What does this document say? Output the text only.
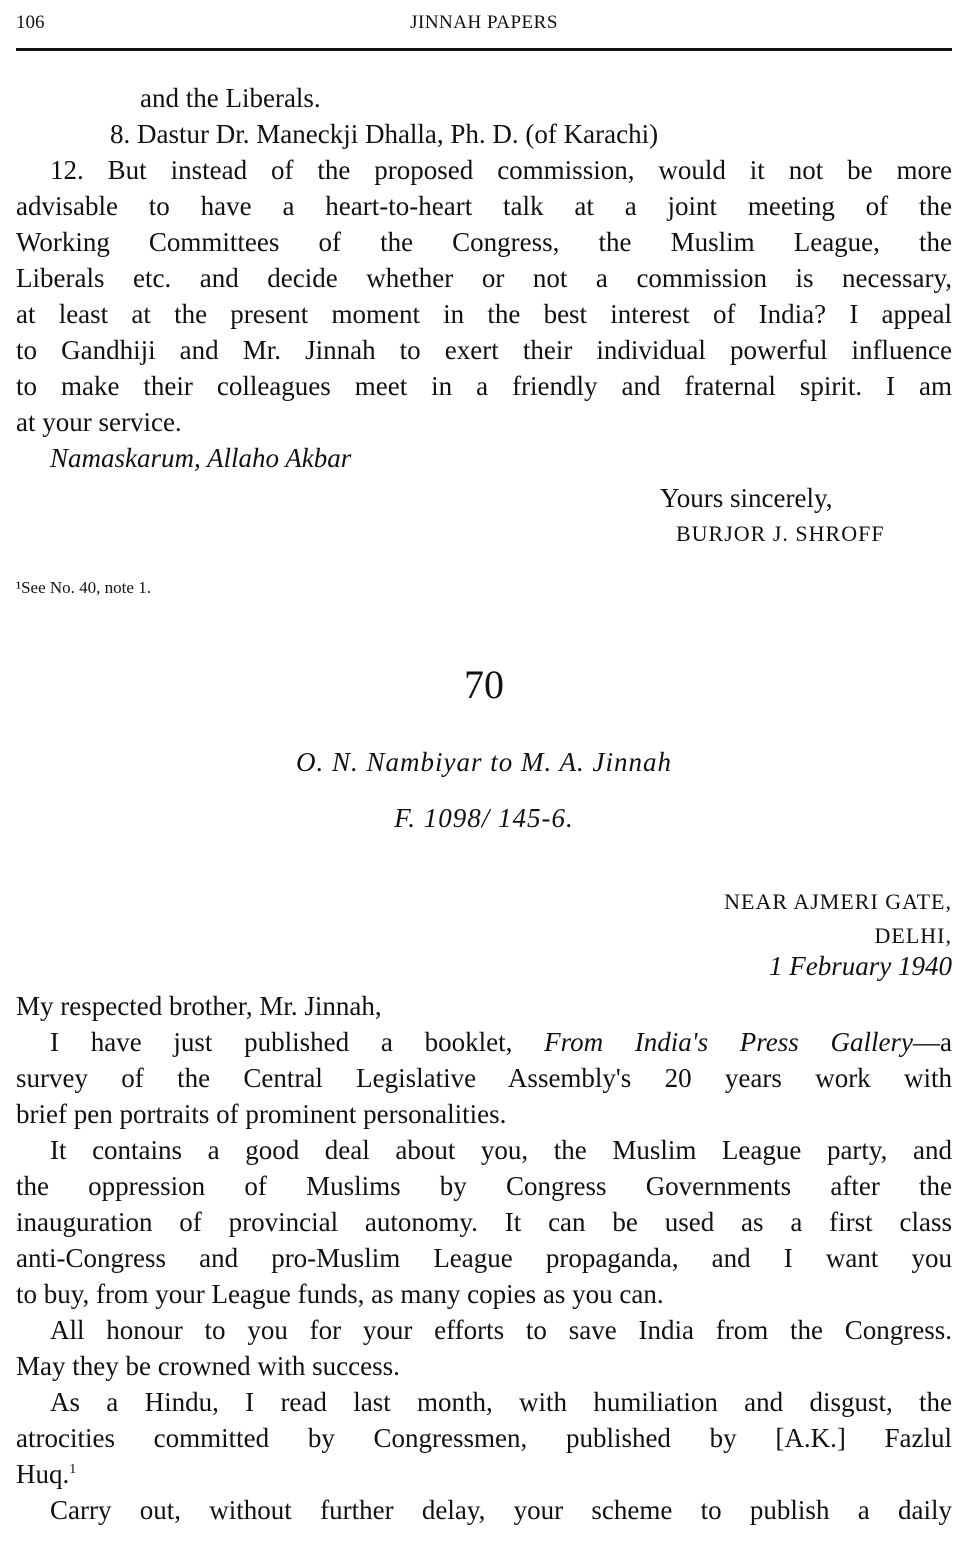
106	JINNAH PAPERS
and the Liberals.
8. Dastur Dr. Maneckji Dhalla, Ph. D. (of Karachi)
12. But instead of the proposed commission, would it not be more
advisable to have a heart-to-heart talk at a joint meeting of the
Working Committees of the Congress, the Muslim League, the
Liberals etc. and decide whether or not a commission is necessary,
at least at the present moment in the best interest of India? I appeal
to Gandhiji and Mr. Jinnah to exert their individual powerful influence
to make their colleagues meet in a friendly and fraternal spirit. I am
at your service.
Namaskarum, Allaho Akbar
Yours sincerely,
BURJOR J. SHROFF
¹See No. 40, note 1.
70
O. N. Nambiyar to M. A. Jinnah
F. 1098/ 145-6.
NEAR AJMERI GATE,
DELHI,
1 February 1940
My respected brother, Mr. Jinnah,
I have just published a booklet, From India's Press Gallery—a
survey of the Central Legislative Assembly's 20 years work with
brief pen portraits of prominent personalities.
It contains a good deal about you, the Muslim League party, and
the oppression of Muslims by Congress Governments after the
inauguration of provincial autonomy. It can be used as a first class
anti-Congress and pro-Muslim League propaganda, and I want you
to buy, from your League funds, as many copies as you can.
All honour to you for your efforts to save India from the Congress.
May they be crowned with success.
As a Hindu, I read last month, with humiliation and disgust, the
atrocities committed by Congressmen, published by [A.K.] Fazlul
Huq.$^1$
Carry out, without further delay, your scheme to publish a daily
